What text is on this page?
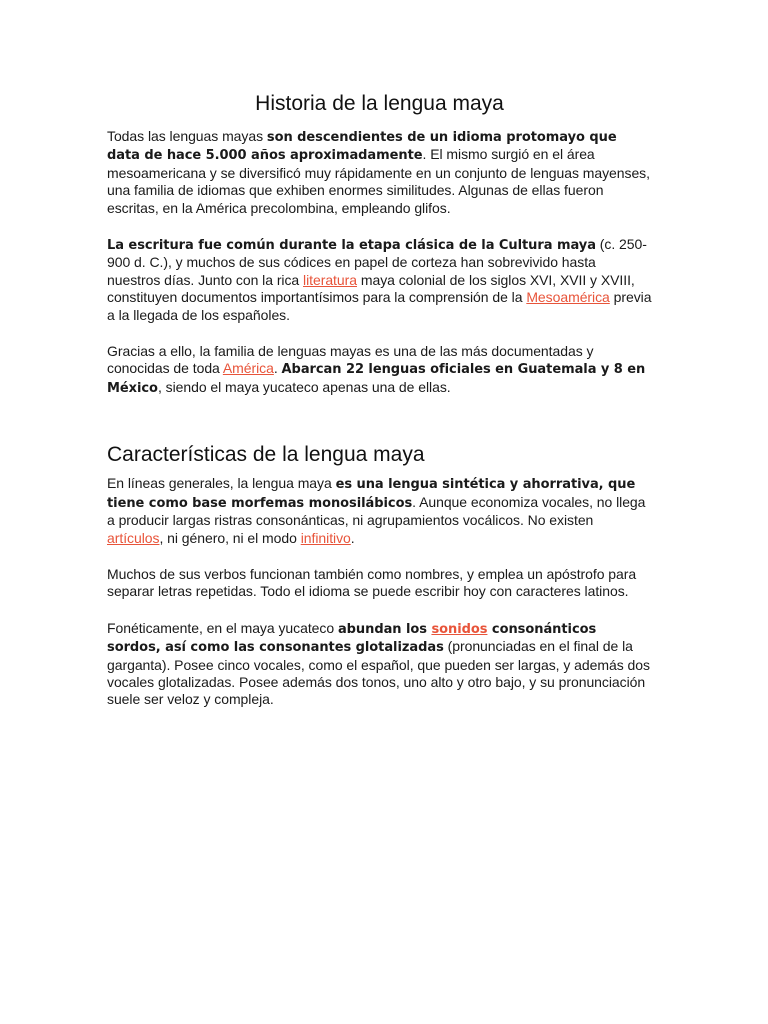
Historia de la lengua maya

Todas las lenguas mayas son descendientes de un idioma protomayo que data de hace 5.000 años aproximadamente. El mismo surgió en el área mesoamericana y se diversificó muy rápidamente en un conjunto de lenguas mayenses, una familia de idiomas que exhiben enormes similitudes. Algunas de ellas fueron escritas, en la América precolombina, empleando glifos.

La escritura fue común durante la etapa clásica de la Cultura maya (c. 250-900 d. C.), y muchos de sus códices en papel de corteza han sobrevivido hasta nuestros días. Junto con la rica literatura maya colonial de los siglos XVI, XVII y XVIII, constituyen documentos importantísimos para la comprensión de la Mesoamérica previa a la llegada de los españoles.

Gracias a ello, la familia de lenguas mayas es una de las más documentadas y conocidas de toda América. Abarcan 22 lenguas oficiales en Guatemala y 8 en México, siendo el maya yucateco apenas una de ellas.

Características de la lengua maya

En líneas generales, la lengua maya es una lengua sintética y ahorrativa, que tiene como base morfemas monosilábicos. Aunque economiza vocales, no llega a producir largas ristras consonánticas, ni agrupamientos vocálicos. No existen artículos, ni género, ni el modo infinitivo.

Muchos de sus verbos funcionan también como nombres, y emplea un apóstrofo para separar letras repetidas. Todo el idioma se puede escribir hoy con caracteres latinos.

Fonéticamente, en el maya yucateco abundan los sonidos consonánticos sordos, así como las consonantes glotalizadas (pronunciadas en el final de la garganta). Posee cinco vocales, como el español, que pueden ser largas, y además dos vocales glotalizadas. Posee además dos tonos, uno alto y otro bajo, y su pronunciación suele ser veloz y compleja.
